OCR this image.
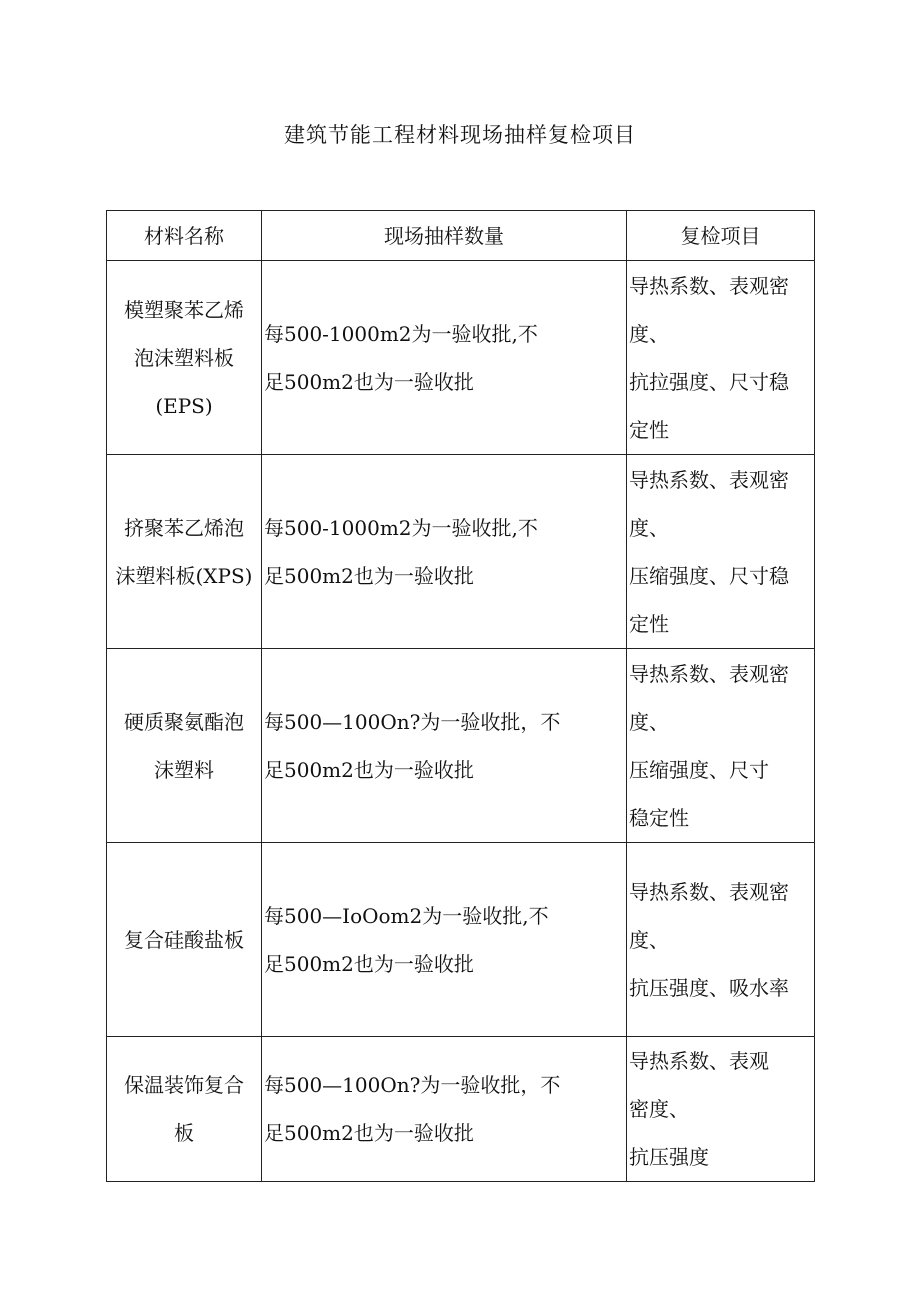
建筑节能工程材料现场抽样复检项目
材料名称	现场抽样数量	复检项目

模塑聚苯乙烯
泡沫塑料板
(EPS)	每500-1000m2为一验收批,不
足500m2也为一验收批	导热系数、表观密
度、
抗拉强度、尺寸稳
定性

挤聚苯乙烯泡
沫塑料板(XPS)	每500-1000m2为一验收批,不
足500m2也为一验收批	导热系数、表观密
度、
压缩强度、尺寸稳
定性

硬质聚氨酯泡
沫塑料	每500—100On?为一验收批，不
足500m2也为一验收批	导热系数、表观密
度、
压缩强度、尺寸
稳定性

复合硅酸盐板	每500—IoOom2为一验收批,不
足500m2也为一验收批	导热系数、表观密
度、
抗压强度、吸水率

保温装饰复合
板	每500—100On?为一验收批，不
足500m2也为一验收批	导热系数、表观
密度、
抗压强度
